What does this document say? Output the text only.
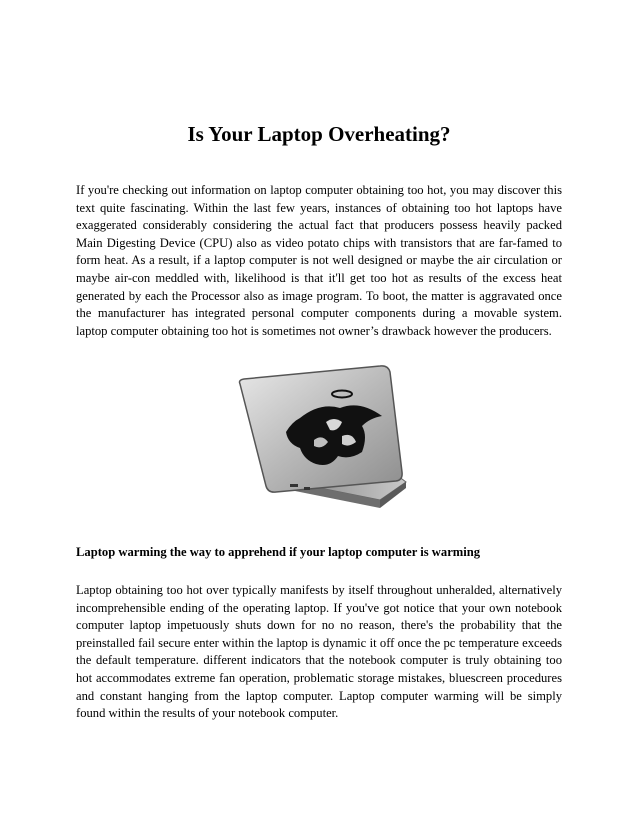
Is Your Laptop Overheating?

If you're checking out information on laptop computer obtaining too hot, you may discover this text quite fascinating. Within the last few years, instances of obtaining too hot laptops have exaggerated considerably considering the actual fact that producers possess heavily packed Main Digesting Device (CPU) also as video potato chips with transistors that are far-famed to form heat. As a result, if a laptop computer is not well designed or maybe the air circulation or maybe air-con meddled with, likelihood is that it'll get too hot as results of the excess heat generated by each the Processor also as image program. To boot, the matter is aggravated once the manufacturer has integrated personal computer components during a movable system. laptop computer obtaining too hot is sometimes not owner’s drawback however the producers.

Laptop warming the way to apprehend if your laptop computer is warming

Laptop obtaining too hot over typically manifests by itself throughout unheralded, alternatively incomprehensible ending of the operating laptop. If you've got notice that your own notebook computer laptop impetuously shuts down for no no reason, there's the probability that the preinstalled fail secure enter within the laptop is dynamic it off once the pc temperature exceeds the default temperature. different indicators that the notebook computer is truly obtaining too hot accommodates extreme fan operation, problematic storage mistakes, bluescreen procedures and constant hanging from the laptop computer. Laptop computer warming will be simply found within the results of your notebook computer.
